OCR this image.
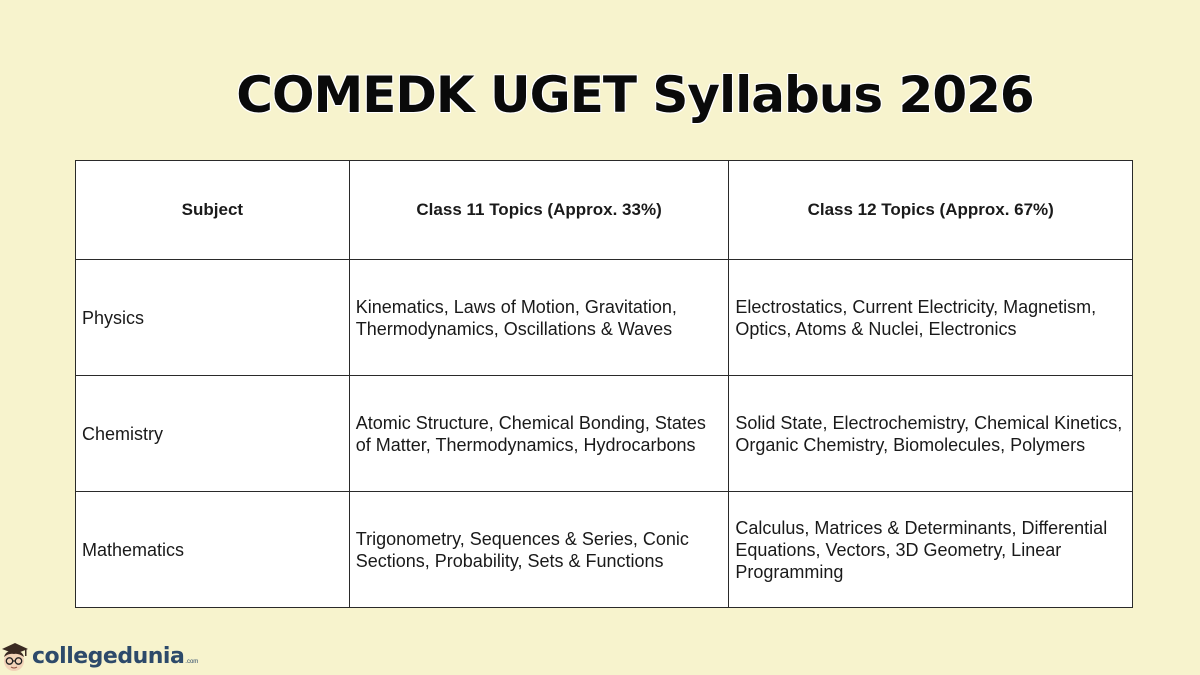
COMEDK UGET Syllabus 2026
Subject	Class 11 Topics (Approx. 33%)	Class 12 Topics (Approx. 67%)
Physics	Kinematics, Laws of Motion, Gravitation, Thermodynamics, Oscillations & Waves	Electrostatics, Current Electricity, Magnetism, Optics, Atoms & Nuclei, Electronics
Chemistry	Atomic Structure, Chemical Bonding, States of Matter, Thermodynamics, Hydrocarbons	Solid State, Electrochemistry, Chemical Kinetics, Organic Chemistry, Biomolecules, Polymers
Mathematics	Trigonometry, Sequences & Series, Conic Sections, Probability, Sets & Functions	Calculus, Matrices & Determinants, Differential Equations, Vectors, 3D Geometry, Linear Programming
collegedunia .com
